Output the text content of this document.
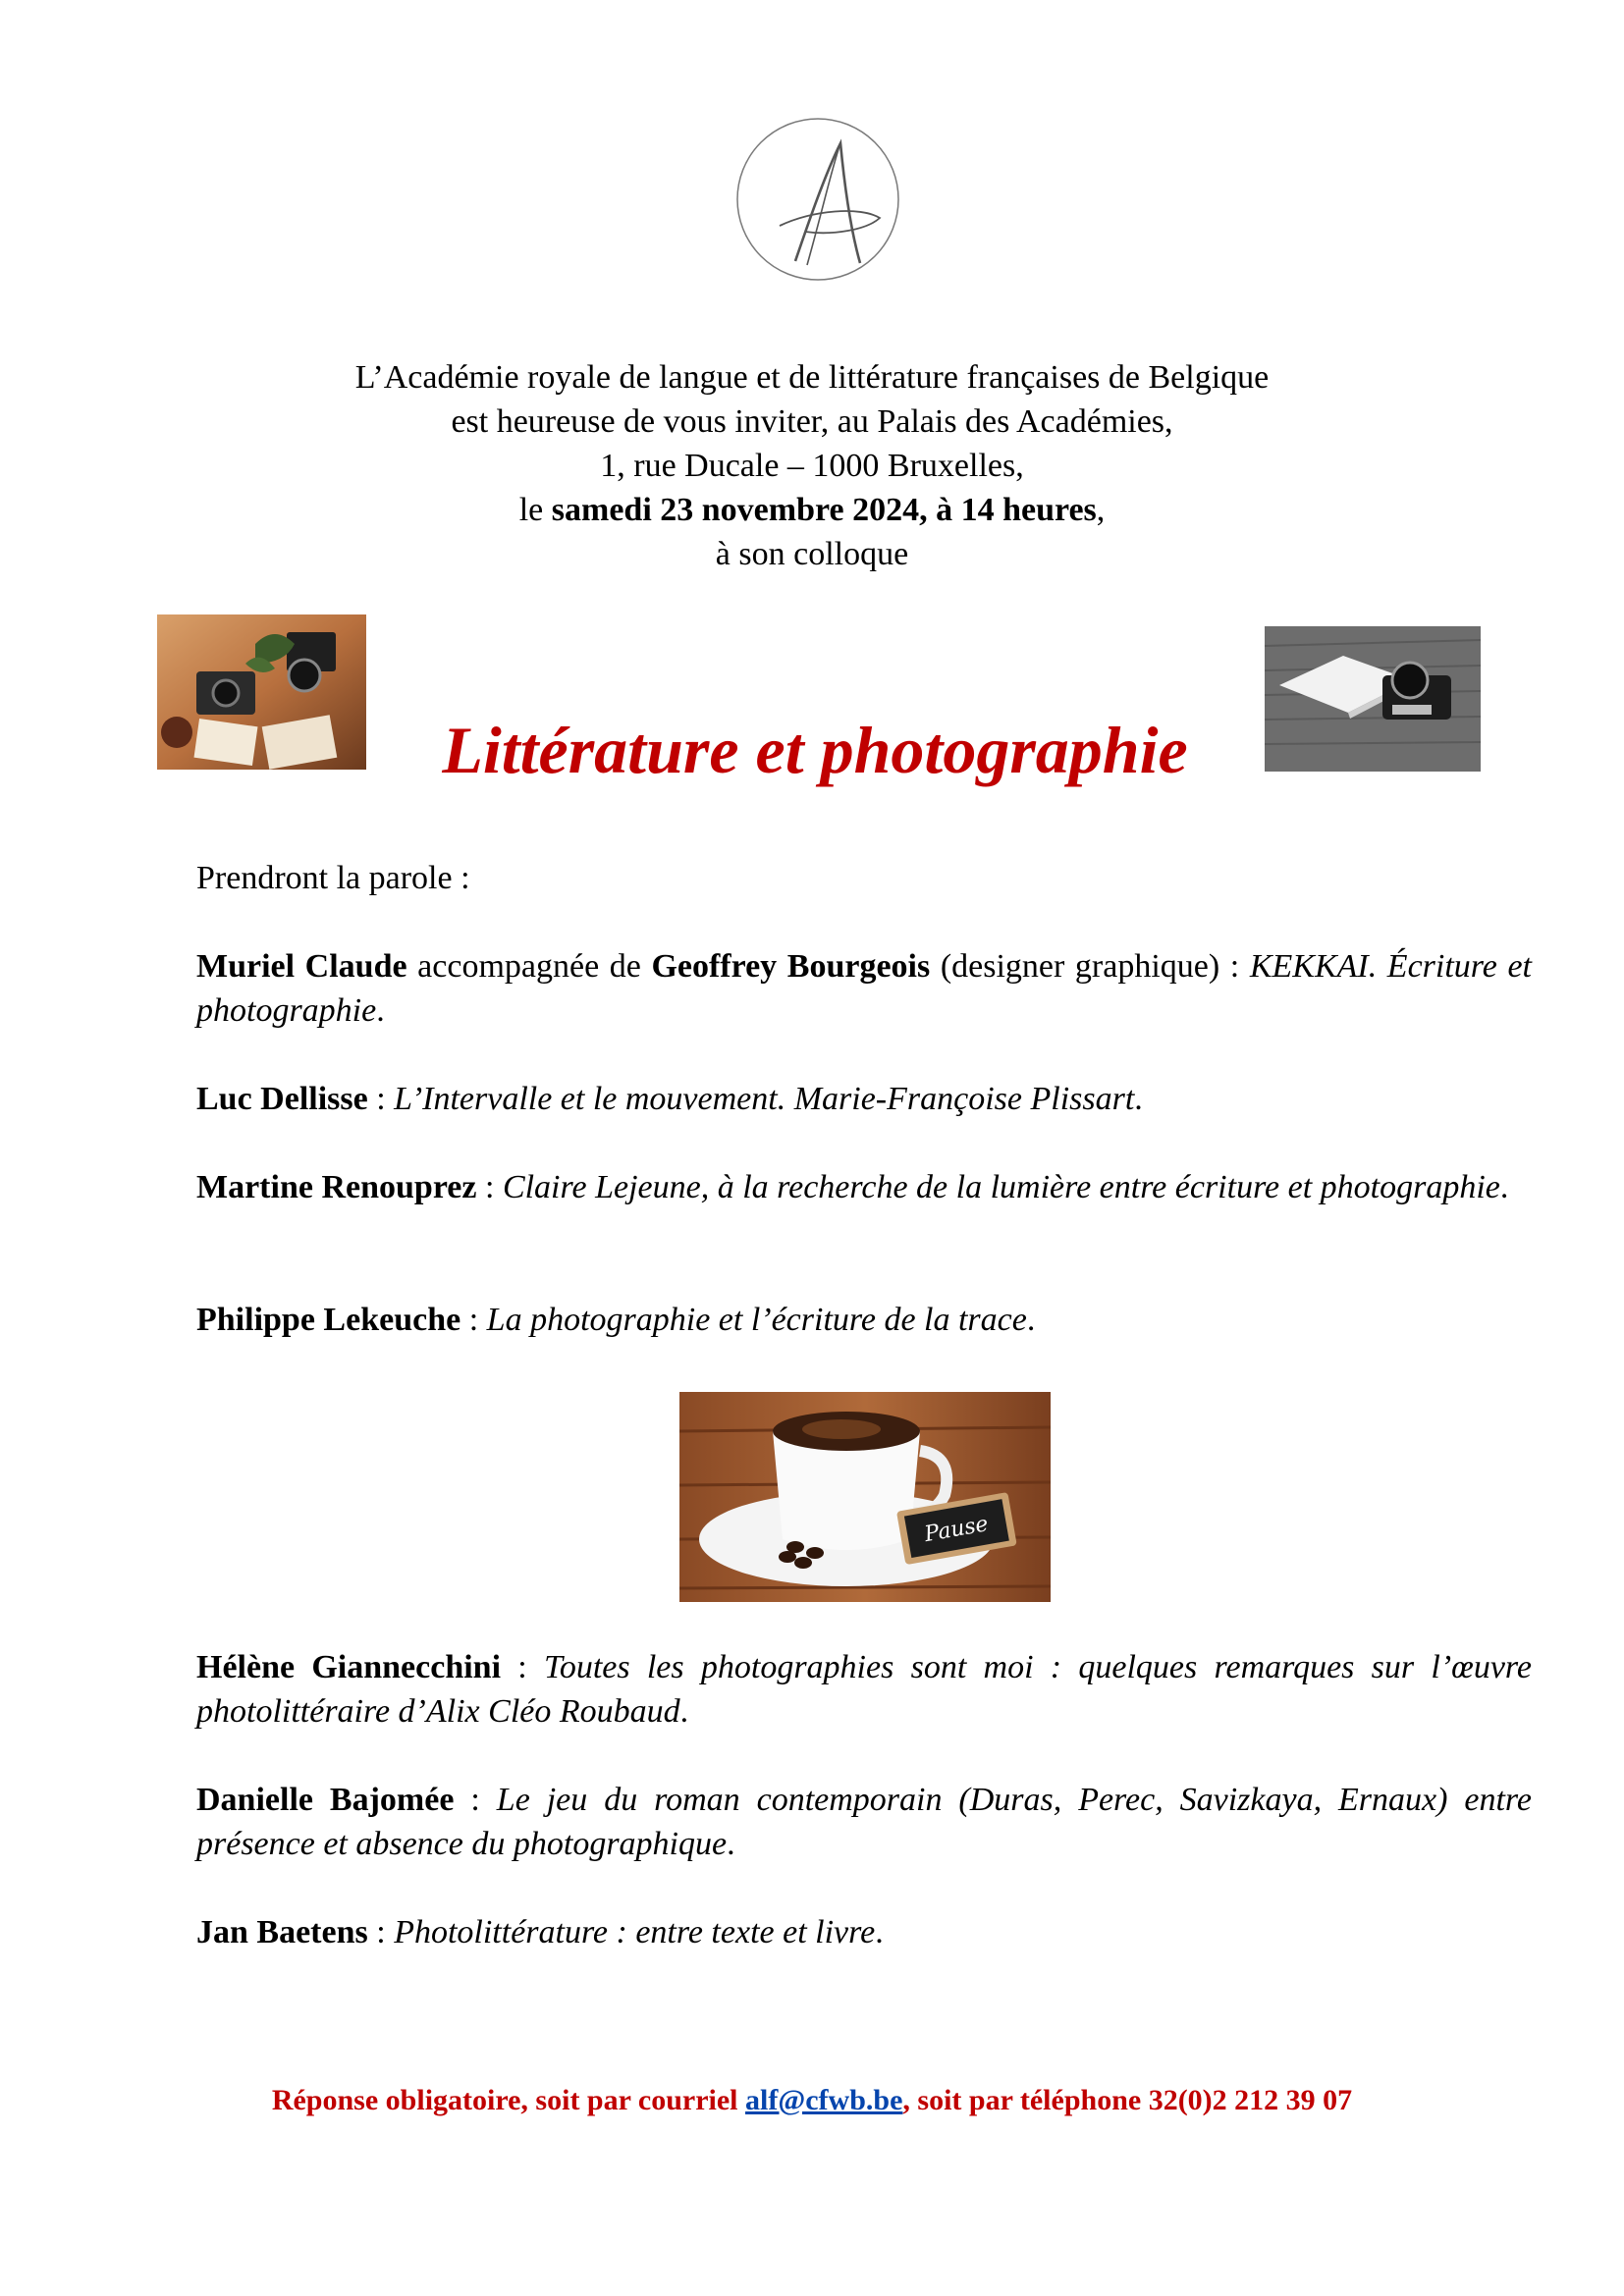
L’Académie royale de langue et de littérature françaises de Belgique

est heureuse de vous inviter, au Palais des Académies,

1, rue Ducale – 1000 Bruxelles,

le samedi 23 novembre 2024, à 14 heures,

à son colloque

Littérature et photographie

Prendront la parole :

Muriel Claude accompagnée de Geoffrey Bourgeois (designer graphique) : KEKKAI. Écriture et photographie.

Luc Dellisse : L’Intervalle et le mouvement. Marie-Françoise Plissart.

Martine Renouprez : Claire Lejeune, à la recherche de la lumière entre écriture et photographie.

Philippe Lekeuche : La photographie et l’écriture de la trace.

Pause

Hélène Giannecchini : Toutes les photographies sont moi : quelques remarques sur l’œuvre photolittéraire d’Alix Cléo Roubaud.

Danielle Bajomée : Le jeu du roman contemporain (Duras, Perec, Savizkaya, Ernaux) entre présence et absence du photographique.

Jan Baetens : Photolittérature : entre texte et livre.

Réponse obligatoire, soit par courriel alf@cfwb.be, soit par téléphone 32(0)2 212 39 07
